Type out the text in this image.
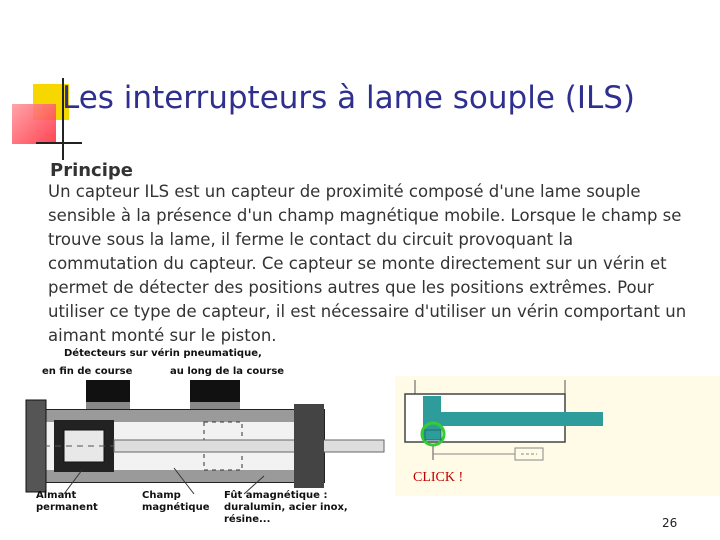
Les interrupteurs à lame souple (ILS)
Principe
Un capteur ILS est un capteur de proximité composé d'une lame souple sensible à la présence d'un champ magnétique mobile. Lorsque le champ se trouve sous la lame, il ferme le contact du circuit provoquant la commutation du capteur. Ce capteur se monte directement sur un vérin et permet de détecter des positions autres que les positions extrêmes. Pour utiliser ce type de capteur, il est nécessaire d'utiliser un vérin comportant un aimant monté sur le piston.
Détecteurs sur vérin pneumatique,
en fin de course	au long de la course
Aimant
permanent
Champ
magnétique
Fût amagnétique :
duralumin, acier inox,
résine...
CLICK !
26
